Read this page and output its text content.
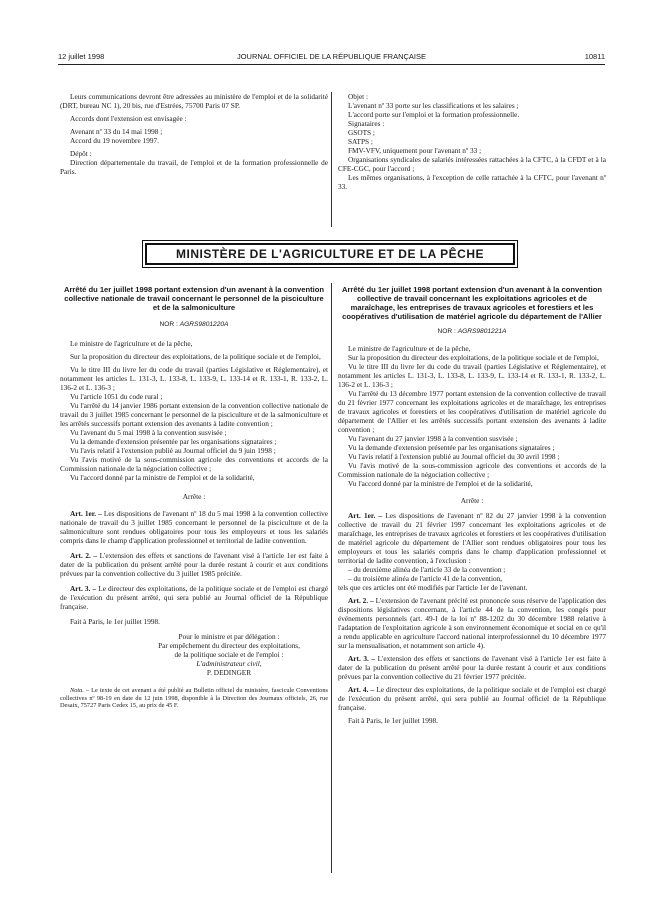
12 juillet 1998	JOURNAL OFFICIEL DE LA RÉPUBLIQUE FRANÇAISE	10811

Leurs communications devront être adressées au ministère de l'emploi et de la solidarité (DRT, bureau NC 1), 20 bis, rue d'Estrées, 75700 Paris 07 SP.

Accords dont l'extension est envisagée :

Avenant nº 33 du 14 mai 1998 ;

Accord du 19 novembre 1997.

Dépôt :

Direction départementale du travail, de l'emploi et de la formation professionnelle de Paris.

Objet :

L'avenant nº 33 porte sur les classifications et les salaires ;

L'accord porte sur l'emploi et la formation professionnelle.

Signataires :

GSOTS ;

SATPS ;

FMV-VFV, uniquement pour l'avenant nº 33 ;

Organisations syndicales de salariés intéressées rattachées à la CFTC, à la CFDT et à la CFE-CGC, pour l'accord ;

Les mêmes organisations, à l'exception de celle rattachée à la CFTC, pour l'avenant nº 33.

MINISTÈRE DE L'AGRICULTURE ET DE LA PÊCHE

Arrêté du 1er juillet 1998 portant extension d'un avenant à la convention collective nationale de travail concernant le personnel de la pisciculture et de la salmoniculture

NOR : AGRS9801220A

Le ministre de l'agriculture et de la pêche,

Sur la proposition du directeur des exploitations, de la politique sociale et de l'emploi,

Vu le titre III du livre Ier du code du travail (parties Législative et Réglementaire), et notamment les articles L. 131-3, L. 133-8, L. 133-9, L. 133-14 et R. 133-1, R. 133-2, L. 136-2 et L. 136-3 ;

Vu l'article 1051 du code rural ;

Vu l'arrêté du 14 janvier 1986 portant extension de la convention collective nationale de travail du 3 juillet 1985 concernant le personnel de la pisciculture et de la salmoniculture et les arrêtés successifs portant extension des avenants à ladite convention ;

Vu l'avenant du 5 mai 1998 à la convention susvisée ;

Vu la demande d'extension présentée par les organisations signataires ;

Vu l'avis relatif à l'extension publié au Journal officiel du 9 juin 1998 ;

Vu l'avis motivé de la sous-commission agricole des conventions et accords de la Commission nationale de la négociation collective ;

Vu l'accord donné par la ministre de l'emploi et de la solidarité,

Arrête :

Art. 1er. – Les dispositions de l'avenant nº 18 du 5 mai 1998 à la convention collective nationale de travail du 3 juillet 1985 concernant le personnel de la pisciculture et de la salmoniculture sont rendues obligatoires pour tous les employeurs et tous les salariés compris dans le champ d'application professionnel et territorial de ladite convention.

Art. 2. – L'extension des effets et sanctions de l'avenant visé à l'article 1er est faite à dater de la publication du présent arrêté pour la durée restant à courir et aux conditions prévues par la convention collective du 3 juillet 1985 précitée.

Art. 3. – Le directeur des exploitations, de la politique sociale et de l'emploi est chargé de l'exécution du présent arrêté, qui sera publié au Journal officiel de la République française.

Fait à Paris, le 1er juillet 1998.

Pour le ministre et par délégation :

Par empêchement du directeur des exploitations,

de la politique sociale et de l'emploi :

L'administrateur civil,

P. DEDINGER

Nota. – Le texte de cet avenant a été publié au Bulletin officiel du ministère, fascicule Conventions collectives nº 98-19 en date du 12 juin 1998, disponible à la Direction des Journaux officiels, 26, rue Desaix, 75727 Paris Cedex 15, au prix de 45 F.

Arrêté du 1er juillet 1998 portant extension d'un avenant à la convention collective de travail concernant les exploitations agricoles et de maraîchage, les entreprises de travaux agricoles et forestiers et les coopératives d'utilisation de matériel agricole du département de l'Allier

NOR : AGRS9801221A

Le ministre de l'agriculture et de la pêche,

Sur la proposition du directeur des exploitations, de la politique sociale et de l'emploi,

Vu le titre III du livre Ier du code du travail (parties Législative et Réglementaire), et notamment les articles L. 131-3, L. 133-8, L. 133-9, L. 133-14 et R. 133-1, R. 133-2, L. 136-2 et L. 136-3 ;

Vu l'arrêté du 13 décembre 1977 portant extension de la convention collective de travail du 21 février 1977 concernant les exploitations agricoles et de maraîchage, les entreprises de travaux agricoles et forestiers et les coopératives d'utilisation de matériel agricole du département de l'Allier et les arrêtés successifs portant extension des avenants à ladite convention ;

Vu l'avenant du 27 janvier 1998 à la convention susvisée ;

Vu la demande d'extension présentée par les organisations signataires ;

Vu l'avis relatif à l'extension publié au Journal officiel du 30 avril 1998 ;

Vu l'avis motivé de la sous-commission agricole des conventions et accords de la Commission nationale de la négociation collective ;

Vu l'accord donné par la ministre de l'emploi et de la solidarité,

Arrête :

Art. 1er. – Les dispositions de l'avenant nº 82 du 27 janvier 1998 à la convention collective de travail du 21 février 1997 concernant les exploitations agricoles et de maraîchage, les entreprises de travaux agricoles et forestiers et les coopératives d'utilisation de matériel agricole du département de l'Allier sont rendues obligatoires pour tous les employeurs et tous les salariés compris dans le champ d'application professionnel et territorial de ladite convention, à l'exclusion :

– du deuxième alinéa de l'article 33 de la convention ;

– du troisième alinéa de l'article 41 de la convention,

tels que ces articles ont été modifiés par l'article 1er de l'avenant.

Art. 2. – L'extension de l'avenant précité est prononcée sous réserve de l'application des dispositions législatives concernant, à l'article 44 de la convention, les congés pour événements personnels (art. 49-I de la loi nº 88-1202 du 30 décembre 1988 relative à l'adaptation de l'exploitation agricole à son environnement économique et social en ce qu'il a rendu applicable en agriculture l'accord national interprofessionnel du 10 décembre 1977 sur la mensualisation, et notamment son article 4).

Art. 3. – L'extension des effets et sanctions de l'avenant visé à l'article 1er est faite à dater de la publication du présent arrêté pour la durée restant à courir et aux conditions prévues par la convention collective du 21 février 1977 précitée.

Art. 4. – Le directeur des exploitations, de la politique sociale et de l'emploi est chargé de l'exécution du présent arrêté, qui sera publié au Journal officiel de la République française.

Fait à Paris, le 1er juillet 1998.
